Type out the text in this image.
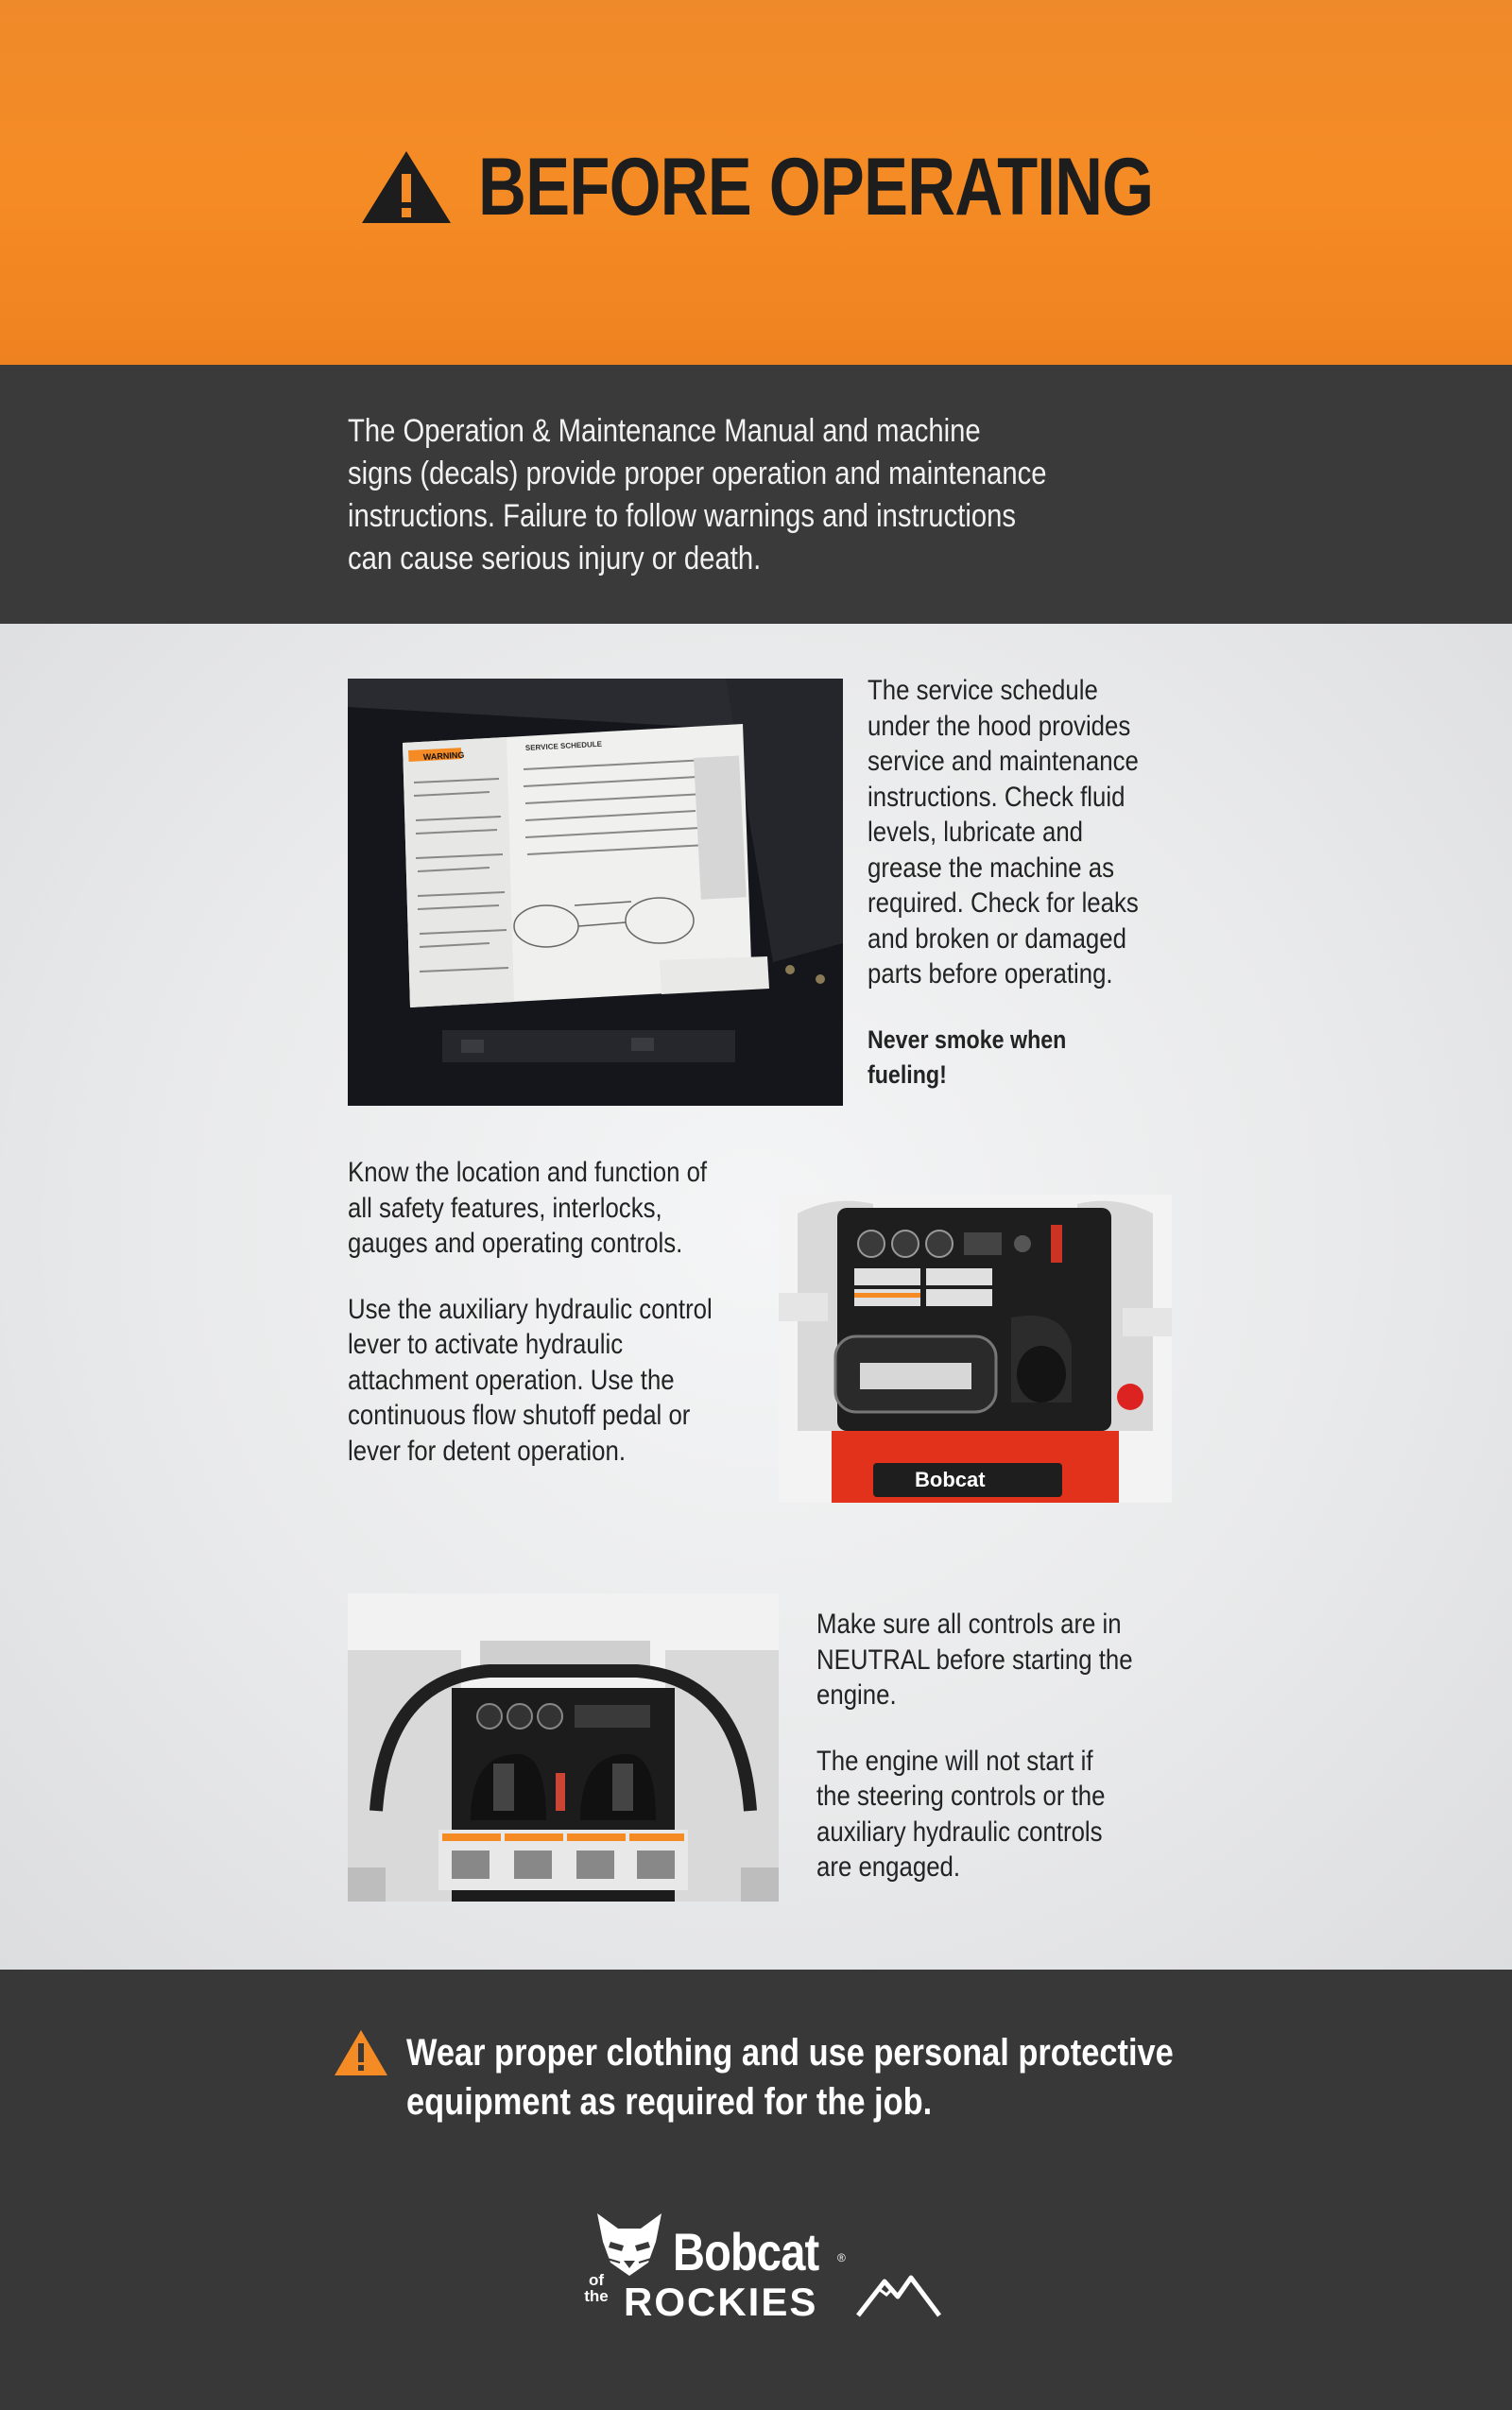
BEFORE OPERATING

The Operation & Maintenance Manual and machine signs (decals) provide proper operation and maintenance instructions. Failure to follow warnings and instructions can cause serious injury or death.

WARNING
SERVICE SCHEDULE

The service schedule under the hood provides service and maintenance instructions. Check fluid levels, lubricate and grease the machine as required. Check for leaks and broken or damaged parts before operating.

Never smoke when fueling!

Know the location and function of all safety features, interlocks, gauges and operating controls.

Use the auxiliary hydraulic control lever to activate hydraulic attachment operation. Use the continuous flow shutoff pedal or lever for detent operation.

Bobcat

Make sure all controls are in NEUTRAL before starting the engine.

The engine will not start if the steering controls or the auxiliary hydraulic controls are engaged.

Wear proper clothing and use personal protective equipment as required for the job.
Bobcat ®
of the ROCKIES
